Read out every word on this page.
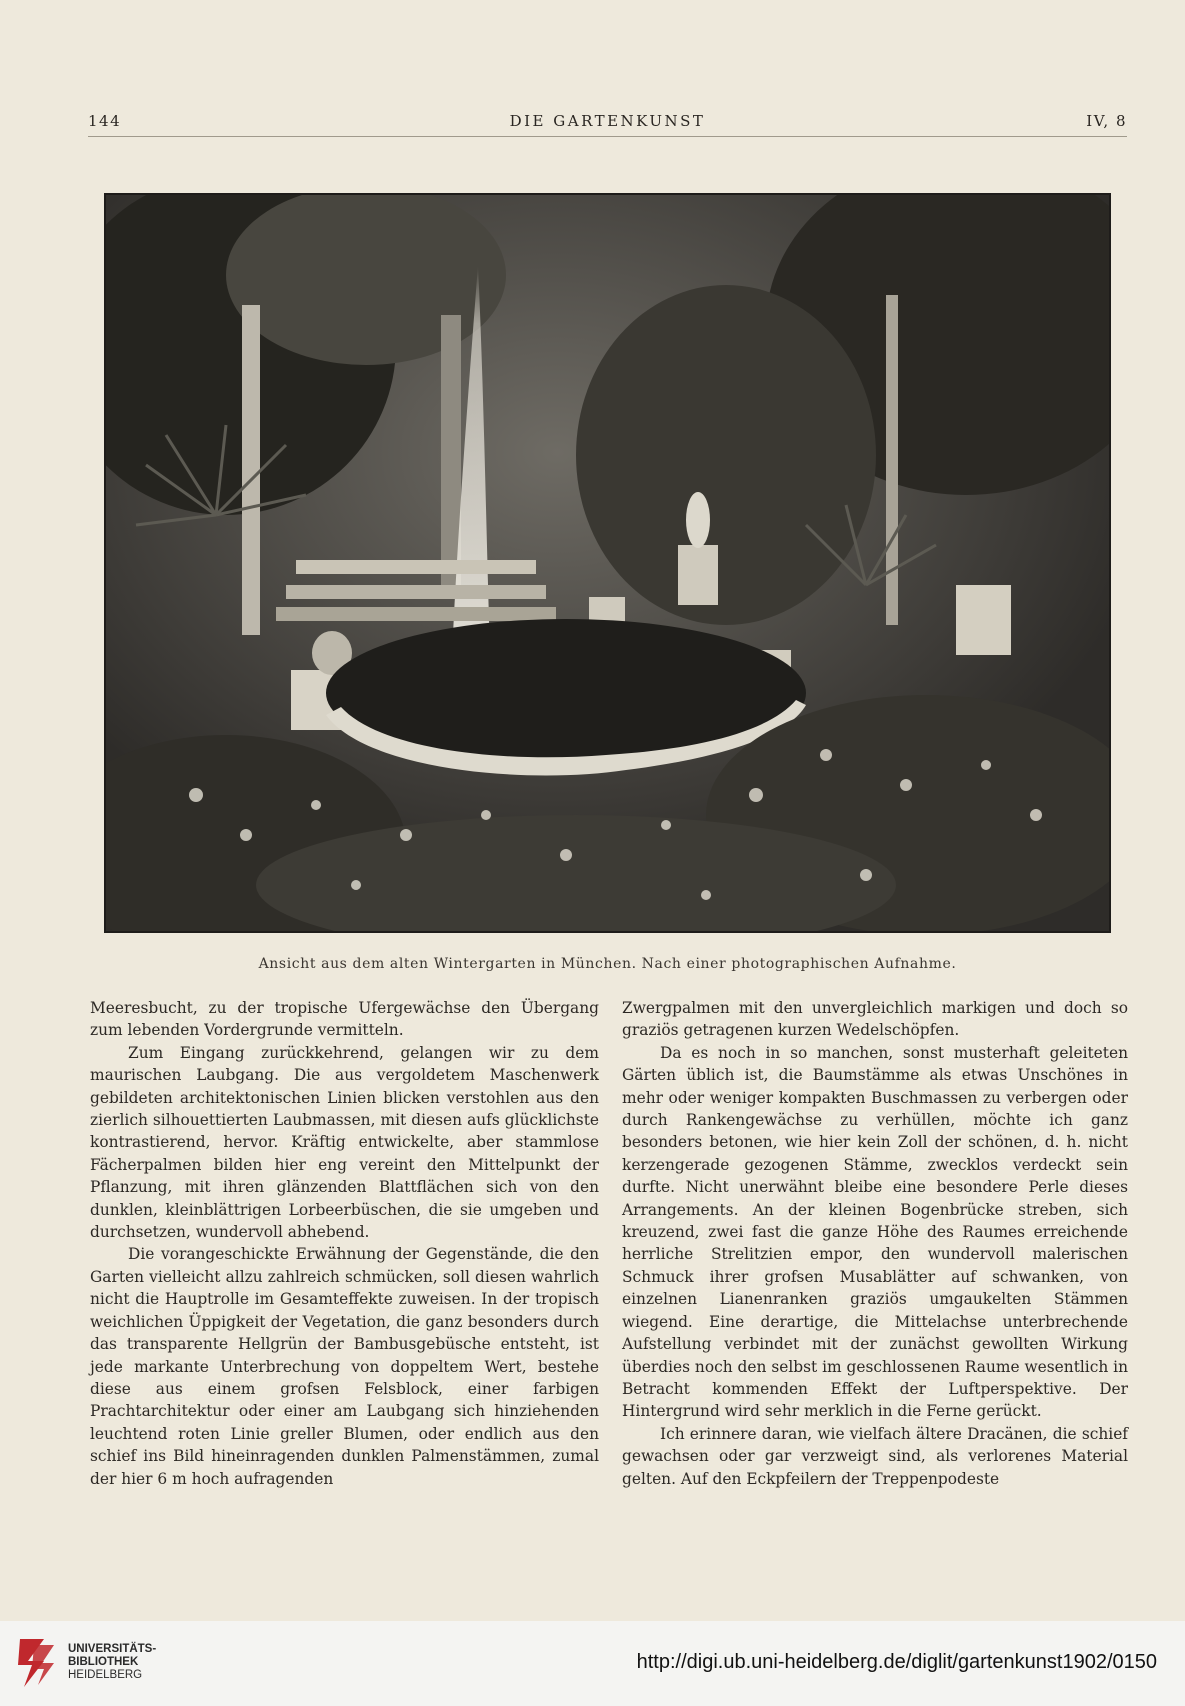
144	DIE GARTENKUNST	IV, 8
Ansicht aus dem alten Wintergarten in München. Nach einer photographischen Aufnahme.

Meeresbucht, zu der tropische Ufergewächse den Übergang zum lebenden Vordergrunde vermitteln.

Zum Eingang zurückkehrend, gelangen wir zu dem maurischen Laubgang. Die aus vergoldetem Maschenwerk gebildeten architektonischen Linien blicken verstohlen aus den zierlich silhouettierten Laubmassen, mit diesen aufs glücklichste kontrastierend, hervor. Kräftig entwickelte, aber stammlose Fächerpalmen bilden hier eng vereint den Mittelpunkt der Pflanzung, mit ihren glänzenden Blattflächen sich von den dunklen, kleinblättrigen Lorbeerbüschen, die sie umgeben und durchsetzen, wundervoll abhebend.

Die vorangeschickte Erwähnung der Gegenstände, die den Garten vielleicht allzu zahlreich schmücken, soll diesen wahrlich nicht die Hauptrolle im Gesamteffekte zuweisen. In der tropisch weichlichen Üppigkeit der Vegetation, die ganz besonders durch das transparente Hellgrün der Bambusgebüsche entsteht, ist jede markante Unterbrechung von doppeltem Wert, bestehe diese aus einem grofsen Felsblock, einer farbigen Prachtarchitektur oder einer am Laubgang sich hinziehenden leuchtend roten Linie greller Blumen, oder endlich aus den schief ins Bild hineinragenden dunklen Palmenstämmen, zumal der hier 6 m hoch aufragenden

Zwergpalmen mit den unvergleichlich markigen und doch so graziös getragenen kurzen Wedelschöpfen.

Da es noch in so manchen, sonst musterhaft geleiteten Gärten üblich ist, die Baumstämme als etwas Unschönes in mehr oder weniger kompakten Buschmassen zu verbergen oder durch Rankengewächse zu verhüllen, möchte ich ganz besonders betonen, wie hier kein Zoll der schönen, d. h. nicht kerzengerade gezogenen Stämme, zwecklos verdeckt sein durfte. Nicht unerwähnt bleibe eine besondere Perle dieses Arrangements. An der kleinen Bogenbrücke streben, sich kreuzend, zwei fast die ganze Höhe des Raumes erreichende herrliche Strelitzien empor, den wundervoll malerischen Schmuck ihrer grofsen Musablätter auf schwanken, von einzelnen Lianenranken graziös umgaukelten Stämmen wiegend. Eine derartige, die Mittelachse unterbrechende Aufstellung verbindet mit der zunächst gewollten Wirkung überdies noch den selbst im geschlossenen Raume wesentlich in Betracht kommenden Effekt der Luftperspektive. Der Hintergrund wird sehr merklich in die Ferne gerückt.

Ich erinnere daran, wie vielfach ältere Dracänen, die schief gewachsen oder gar verzweigt sind, als verlorenes Material gelten. Auf den Eckpfeilern der Treppenpodeste

UNIVERSITÄTS-
BIBLIOTHEK
HEIDELBERG
http://digi.ub.uni-heidelberg.de/diglit/gartenkunst1902/0150
